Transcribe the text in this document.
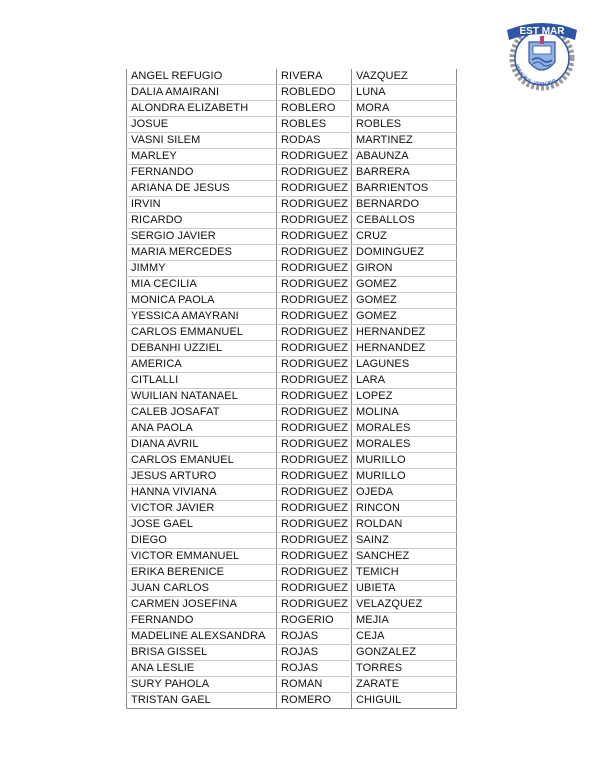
VERACRUZ · VERACRUZ
EST MAR
ANGEL REFUGIO	RIVERA	VAZQUEZ
DALIA AMAIRANI	ROBLEDO	LUNA
ALONDRA ELIZABETH	ROBLERO	MORA
JOSUE	ROBLES	ROBLES
VASNI SILEM	RODAS	MARTINEZ
MARLEY	RODRIGUEZ	ABAUNZA
FERNANDO	RODRIGUEZ	BARRERA
ARIANA DE JESUS	RODRIGUEZ	BARRIENTOS
IRVIN	RODRIGUEZ	BERNARDO
RICARDO	RODRIGUEZ	CEBALLOS
SERGIO JAVIER	RODRIGUEZ	CRUZ
MARIA MERCEDES	RODRIGUEZ	DOMINGUEZ
JIMMY	RODRIGUEZ	GIRON
MIA CECILIA	RODRIGUEZ	GOMEZ
MONICA PAOLA	RODRIGUEZ	GOMEZ
YESSICA AMAYRANI	RODRIGUEZ	GOMEZ
CARLOS EMMANUEL	RODRIGUEZ	HERNANDEZ
DEBANHI UZZIEL	RODRIGUEZ	HERNANDEZ
AMERICA	RODRIGUEZ	LAGUNES
CITLALLI	RODRIGUEZ	LARA
WUILIAN NATANAEL	RODRIGUEZ	LOPEZ
CALEB JOSAFAT	RODRIGUEZ	MOLINA
ANA PAOLA	RODRIGUEZ	MORALES
DIANA AVRIL	RODRIGUEZ	MORALES
CARLOS EMANUEL	RODRIGUEZ	MURILLO
JESUS ARTURO	RODRIGUEZ	MURILLO
HANNA VIVIANA	RODRIGUEZ	OJEDA
VICTOR JAVIER	RODRIGUEZ	RINCON
JOSE GAEL	RODRIGUEZ	ROLDAN
DIEGO	RODRIGUEZ	SAINZ
VICTOR EMMANUEL	RODRIGUEZ	SANCHEZ
ERIKA BERENICE	RODRIGUEZ	TEMICH
JUAN CARLOS	RODRIGUEZ	UBIETA
CARMEN JOSEFINA	RODRIGUEZ	VELAZQUEZ
FERNANDO	ROGERIO	MEJIA
MADELINE ALEXSANDRA	ROJAS	CEJA
BRISA GISSEL	ROJAS	GONZALEZ
ANA LESLIE	ROJAS	TORRES
SURY PAHOLA	ROMAN	ZARATE
TRISTAN GAEL	ROMERO	CHIGUIL
